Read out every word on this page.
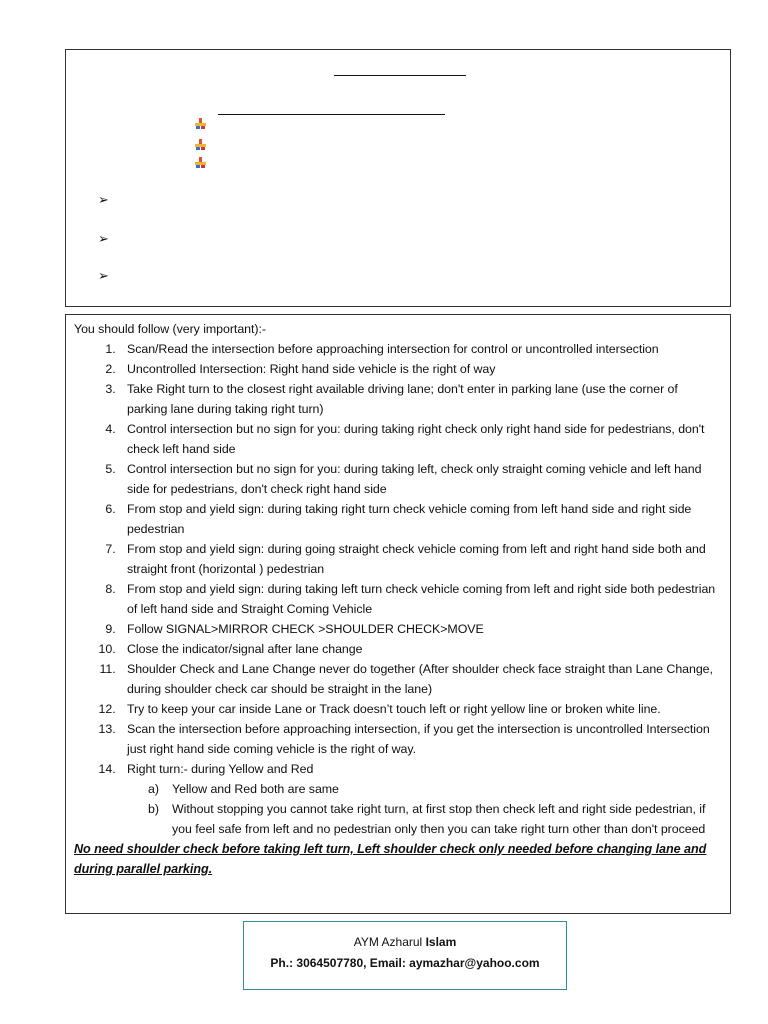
➢
➢
➢

You should follow (very important):-

1. Scan/Read the intersection before approaching intersection for control or uncontrolled intersection
2. Uncontrolled Intersection: Right hand side vehicle is the right of way
3. Take Right turn to the closest right available driving lane; don't enter in parking lane (use the corner of parking lane during taking right turn)
4. Control intersection but no sign for you: during taking right check only right hand side for pedestrians, don't check left hand side
5. Control intersection but no sign for you: during taking left, check only straight coming vehicle and left hand side for pedestrians, don't check right hand side
6. From stop and yield sign: during taking right turn check vehicle coming from left hand side and right side pedestrian
7. From stop and yield sign: during going straight check vehicle coming from left and right hand side both and straight front (horizontal ) pedestrian
8. From stop and yield sign: during taking left turn check vehicle coming from left and right side both pedestrian of left hand side and Straight Coming Vehicle
9. Follow SIGNAL>MIRROR CHECK >SHOULDER CHECK>MOVE
10. Close the indicator/signal after lane change
11. Shoulder Check and Lane Change never do together (After shoulder check face straight than Lane Change, during shoulder check car should be straight in the lane)
12. Try to keep your car inside Lane or Track doesn’t touch left or right yellow line or broken white line.
13. Scan the intersection before approaching intersection, if you get the intersection is uncontrolled Intersection just right hand side coming vehicle is the right of way.
14. Right turn:- during Yellow and Red
a) Yellow and Red both are same
b) Without stopping you cannot take right turn, at first stop then check left and right side pedestrian, if you feel safe from left and no pedestrian only then you can take right turn other than don't proceed

No need shoulder check before taking left turn, Left shoulder check only needed before changing lane and during parallel parking.

AYM Azharul Islam
Ph.: 3064507780, Email: aymazhar@yahoo.com
